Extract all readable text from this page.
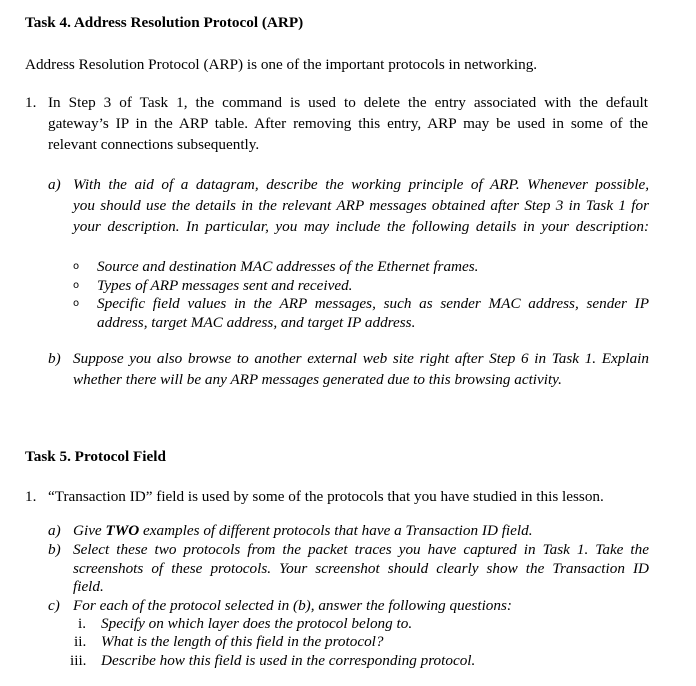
Task 4. Address Resolution Protocol (ARP)
Address Resolution Protocol (ARP) is one of the important protocols in networking.
1. In Step 3 of Task 1, the command is used to delete the entry associated with the default
gateway’s IP in the ARP table. After removing this entry, ARP may be used in some of the
relevant connections subsequently.
a) With the aid of a datagram, describe the working principle of ARP. Whenever possible,
you should use the details in the relevant ARP messages obtained after Step 3 in Task 1 for
your description. In particular, you may include the following details in your description:
o Source and destination MAC addresses of the Ethernet frames.
o Types of ARP messages sent and received.
o Specific field values in the ARP messages, such as sender MAC address, sender IP
address, target MAC address, and target IP address.
b) Suppose you also browse to another external web site right after Step 6 in Task 1. Explain
whether there will be any ARP messages generated due to this browsing activity.
Task 5. Protocol Field
1. “Transaction ID” field is used by some of the protocols that you have studied in this lesson.
a) Give TWO examples of different protocols that have a Transaction ID field.
b) Select these two protocols from the packet traces you have captured in Task 1. Take the
screenshots of these protocols. Your screenshot should clearly show the Transaction ID
field.
c) For each of the protocol selected in (b), answer the following questions:
i. Specify on which layer does the protocol belong to.
ii. What is the length of this field in the protocol?
iii. Describe how this field is used in the corresponding protocol.
